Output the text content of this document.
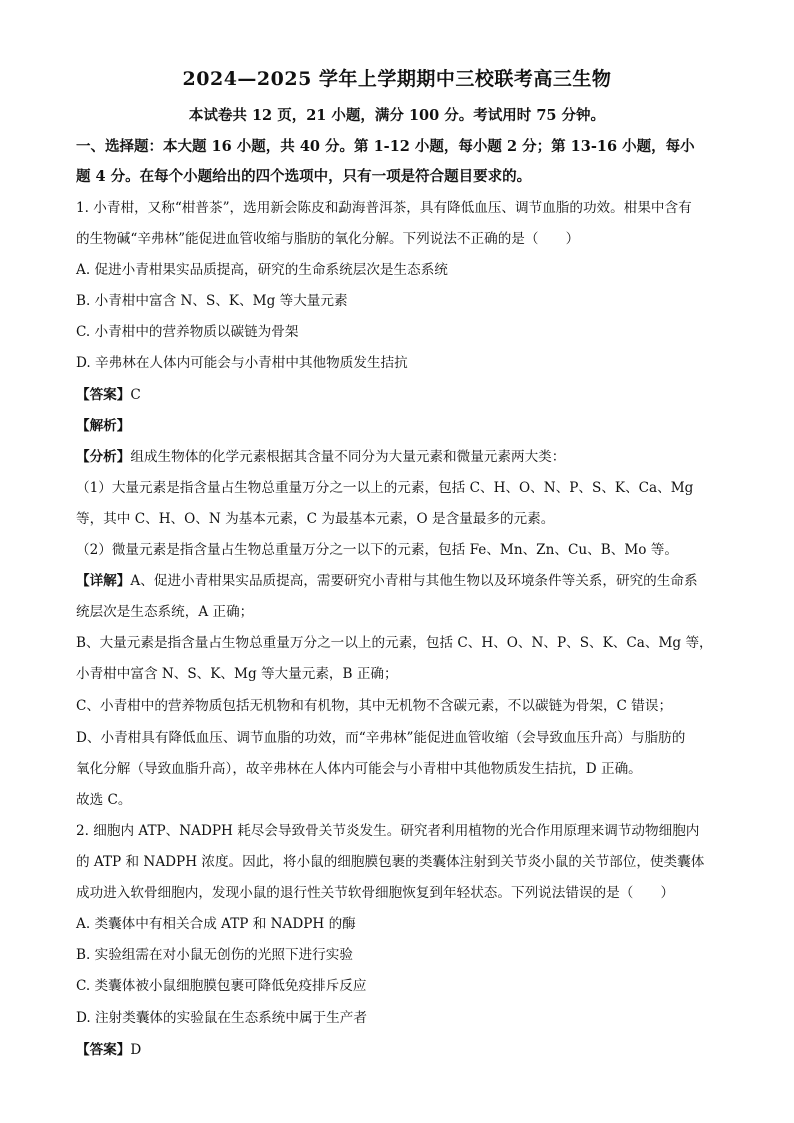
2024—2025 学年上学期期中三校联考高三生物
本试卷共 12 页，21 小题，满分 100 分。考试用时 75 分钟。
一、选择题：本大题 16 小题，共 40 分。第 1-12 小题，每小题 2 分；第 13-16 小题，每小
题 4 分。在每个小题给出的四个选项中，只有一项是符合题目要求的。
1. 小青柑，又称“柑普茶”，选用新会陈皮和勐海普洱茶，具有降低血压、调节血脂的功效。柑果中含有
的生物碱“辛弗林”能促进血管收缩与脂肪的氧化分解。下列说法不正确的是（　　）
A. 促进小青柑果实品质提高，研究的生命系统层次是生态系统
B. 小青柑中富含 N、S、K、Mg 等大量元素
C. 小青柑中的营养物质以碳链为骨架
D. 辛弗林在人体内可能会与小青柑中其他物质发生拮抗
【答案】C
【解析】
【分析】组成生物体的化学元素根据其含量不同分为大量元素和微量元素两大类：
（1）大量元素是指含量占生物总重量万分之一以上的元素，包括 C、H、O、N、P、S、K、Ca、Mg
等，其中 C、H、O、N 为基本元素，C 为最基本元素，O 是含量最多的元素。
（2）微量元素是指含量占生物总重量万分之一以下的元素，包括 Fe、Mn、Zn、Cu、B、Mo 等。
【详解】A、促进小青柑果实品质提高，需要研究小青柑与其他生物以及环境条件等关系，研究的生命系
统层次是生态系统，A 正确；
B、大量元素是指含量占生物总重量万分之一以上的元素，包括 C、H、O、N、P、S、K、Ca、Mg 等，
小青柑中富含 N、S、K、Mg 等大量元素，B 正确；
C、小青柑中的营养物质包括无机物和有机物，其中无机物不含碳元素，不以碳链为骨架，C 错误；
D、小青柑具有降低血压、调节血脂的功效，而“辛弗林”能促进血管收缩（会导致血压升高）与脂肪的
氧化分解（导致血脂升高），故辛弗林在人体内可能会与小青柑中其他物质发生拮抗，D 正确。
故选 C。
2. 细胞内 ATP、NADPH 耗尽会导致骨关节炎发生。研究者利用植物的光合作用原理来调节动物细胞内
的 ATP 和 NADPH 浓度。因此，将小鼠的细胞膜包裹的类囊体注射到关节炎小鼠的关节部位，使类囊体
成功进入软骨细胞内，发现小鼠的退行性关节软骨细胞恢复到年轻状态。下列说法错误的是（　　）
A. 类囊体中有相关合成 ATP 和 NADPH 的酶
B. 实验组需在对小鼠无创伤的光照下进行实验
C. 类囊体被小鼠细胞膜包裹可降低免疫排斥反应
D. 注射类囊体的实验鼠在生态系统中属于生产者
【答案】D
